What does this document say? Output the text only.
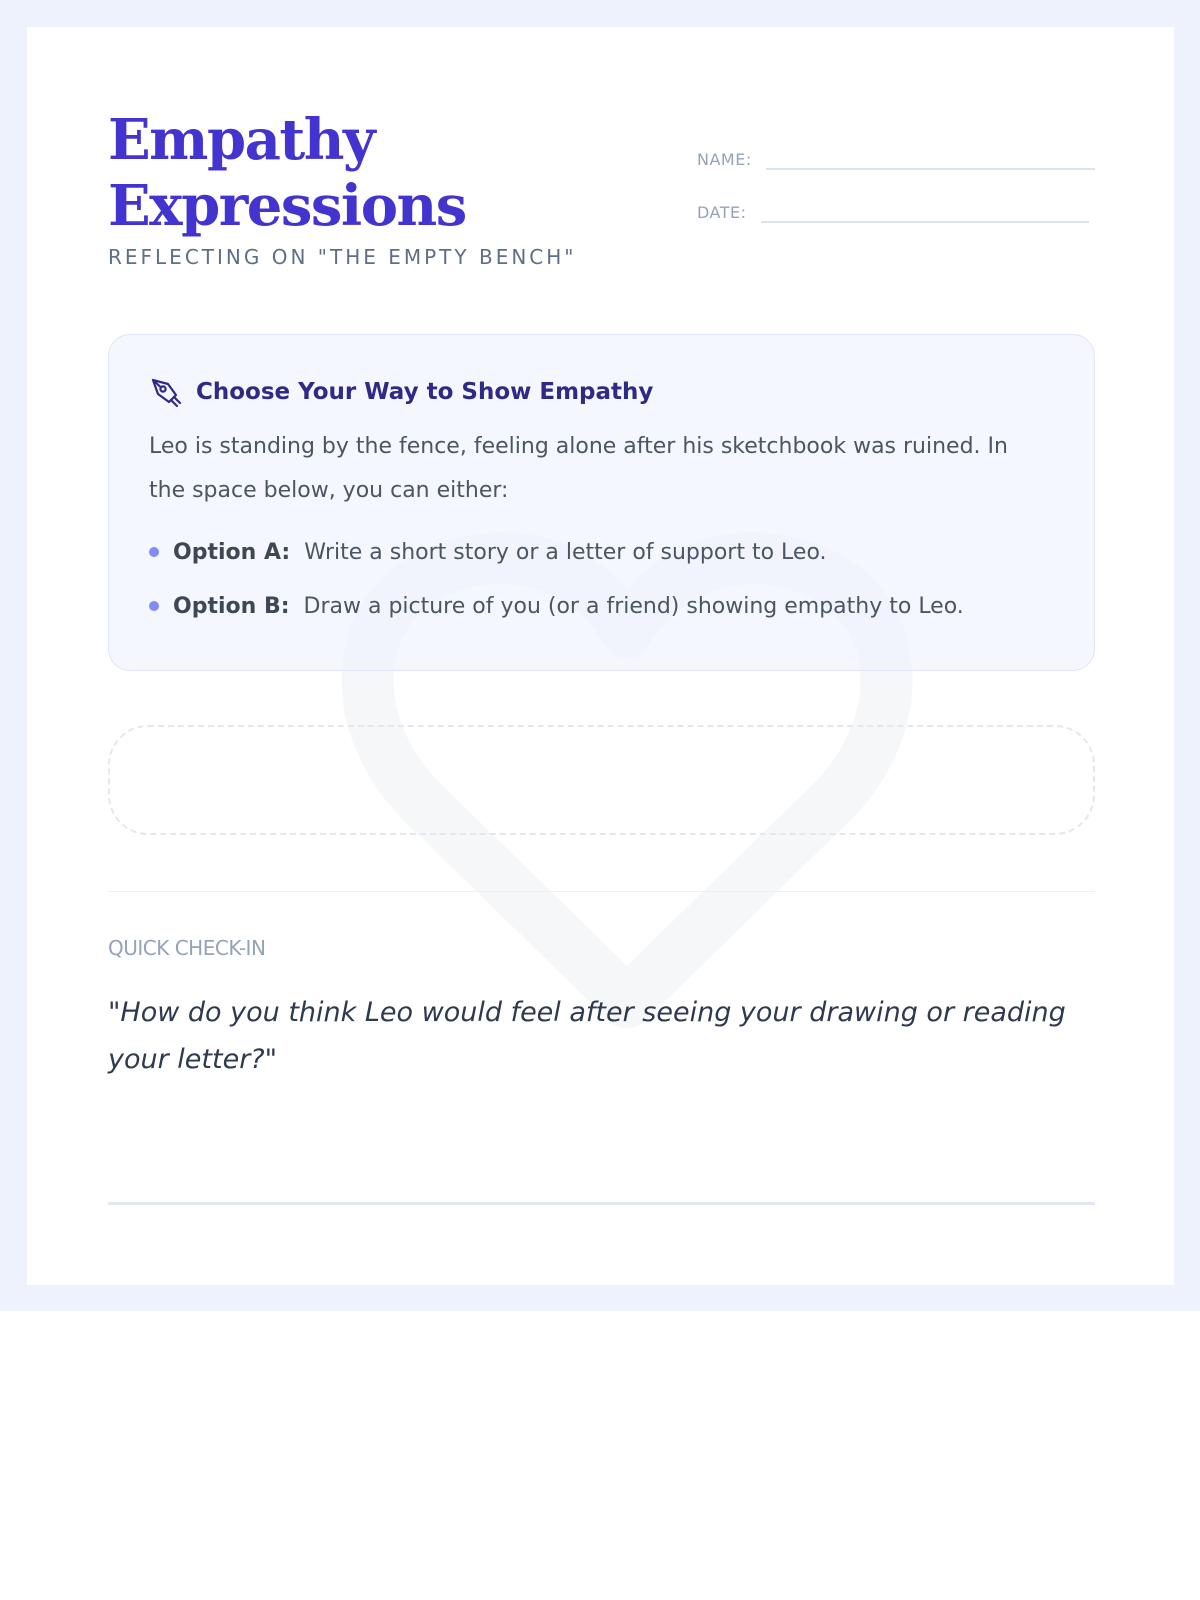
Empathy Expressions
REFLECTING ON "THE EMPTY BENCH"
NAME:
DATE:
Choose Your Way to Show Empathy

Leo is standing by the fence, feeling alone after his sketchbook was ruined. In the space below, you can either:

Option A: Write a short story or a letter of support to Leo.
Option B: Draw a picture of you (or a friend) showing empathy to Leo.
QUICK CHECK-IN
"How do you think Leo would feel after seeing your drawing or reading your letter?"
